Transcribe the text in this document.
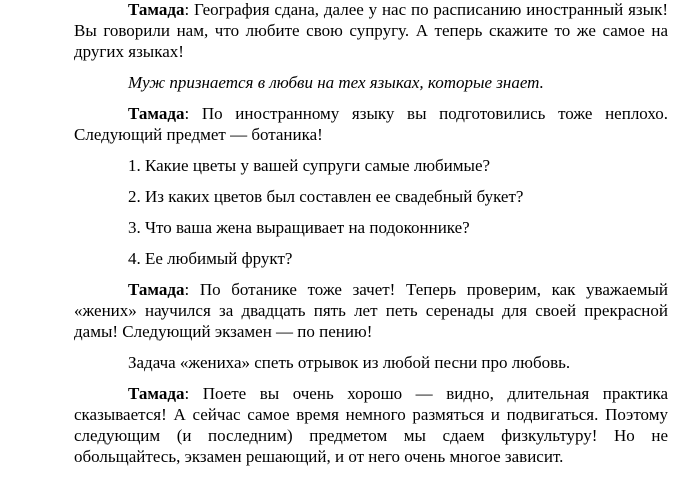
Тамада: География сдана, далее у нас по расписанию иностранный язык! Вы говорили нам, что любите свою супругу. А теперь скажите то же самое на других языках!

Муж признается в любви на тех языках, которые знает.

Тамада: По иностранному языку вы подготовились тоже неплохо. Следующий предмет — ботаника!

1. Какие цветы у вашей супруги самые любимые?

2. Из каких цветов был составлен ее свадебный букет?

3. Что ваша жена выращивает на подоконнике?

4. Ее любимый фрукт?

Тамада: По ботанике тоже зачет! Теперь проверим, как уважаемый «жених» научился за двадцать пять лет петь серенады для своей прекрасной дамы! Следующий экзамен — по пению!

Задача «жениха» спеть отрывок из любой песни про любовь.

Тамада: Поете вы очень хорошо — видно, длительная практика сказывается! А сейчас самое время немного размяться и подвигаться. Поэтому следующим (и последним) предметом мы сдаем физкультуру! Но не обольщайтесь, экзамен решающий, и от него очень многое зависит.
